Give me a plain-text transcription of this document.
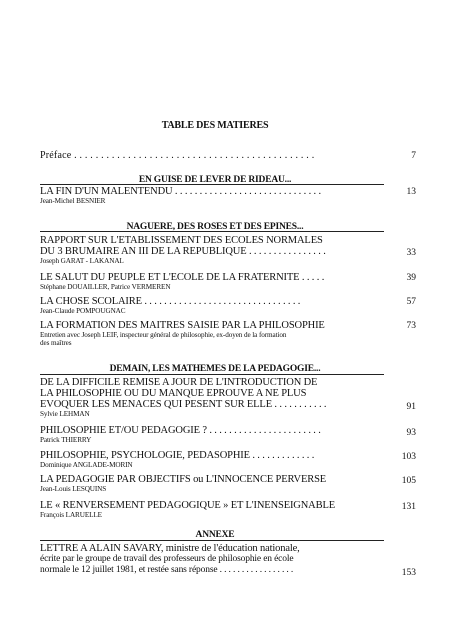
TABLE DES MATIERES
Préface . . . . . . . . . . . . . . . . . . . . . . . . . . . . . . . . . . . . . . . . . . . . .	7
EN GUISE DE LEVER DE RIDEAU...
LA FIN D'UN MALENTENDU . . . . . . . . . . . . . . . . . . . . . . . . . . . . . .
Jean-Michel BESNIER
13
NAGUERE, DES ROSES ET DES EPINES...
RAPPORT SUR L'ETABLISSEMENT DES ECOLES NORMALES
DU 3 BRUMAIRE AN III DE LA REPUBLIQUE . . . . . . . . . . . . . . . .
Joseph GARAT - LAKANAL
33
LE SALUT DU PEUPLE ET L'ECOLE DE LA FRATERNITE . . . . .
Stéphane DOUAILLER, Patrice VERMEREN
39
LA CHOSE SCOLAIRE . . . . . . . . . . . . . . . . . . . . . . . . . . . . . . . .
Jean-Claude POMPOUGNAC
57
LA FORMATION DES MAITRES SAISIE PAR LA PHILOSOPHIE
Entretien avec Joseph LEIF, inspecteur général de philosophie, ex-doyen de la formation
des maîtres
73
DEMAIN, LES MATHEMES DE LA PEDAGOGIE...
DE LA DIFFICILE REMISE A JOUR DE L'INTRODUCTION DE
LA PHILOSOPHIE OU DU MANQUE EPROUVE A NE PLUS
EVOQUER LES MENACES QUI PESENT SUR ELLE . . . . . . . . . . .
Sylvie LEHMAN
91
PHILOSOPHIE ET/OU PEDAGOGIE ? . . . . . . . . . . . . . . . . . . . . . . .
Patrick THIERRY
93
PHILOSOPHIE, PSYCHOLOGIE, PEDASOPHIE . . . . . . . . . . . . .
Dominique ANGLADE-MORIN
103
LA PEDAGOGIE PAR OBJECTIFS ou L'INNOCENCE PERVERSE
Jean-Louis LESQUINS
105
LE « RENVERSEMENT PEDAGOGIQUE » ET L'INENSEIGNABLE
François LARUELLE
131
ANNEXE
LETTRE A ALAIN SAVARY, ministre de l'éducation nationale,
écrite par le groupe de travail des professeurs de philosophie en école
normale le 12 juillet 1981, et restée sans réponse . . . . . . . . . . . . . . . . .	153
